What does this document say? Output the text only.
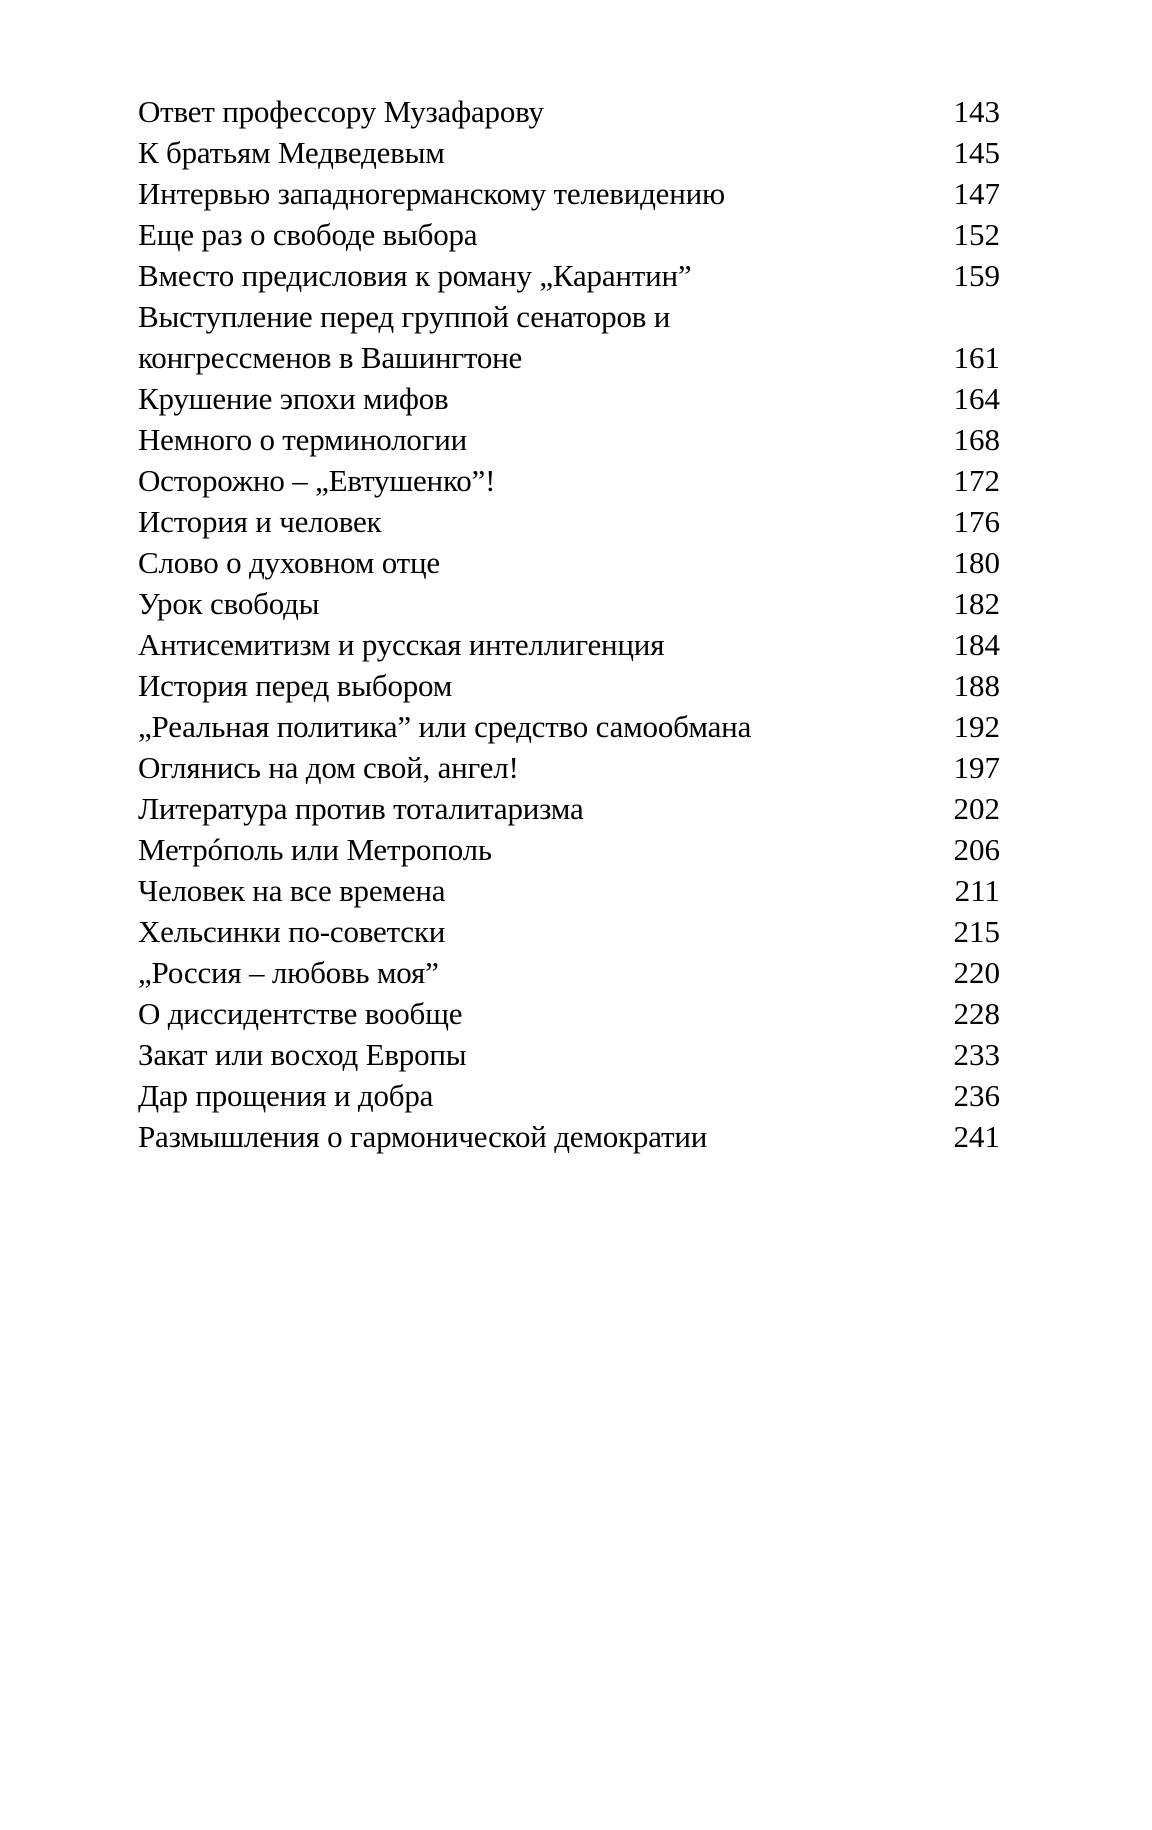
Ответ профессору Музафарову	143
К братьям Медведевым	145
Интервью западногерманскому телевидению	147
Еще раз о свободе выбора	152
Вместо предисловия к роману „Карантин”	159
Выступление перед группой сенаторов и
конгрессменов в Вашингтоне	161
Крушение эпохи мифов	164
Немного о терминологии	168
Осторожно – „Евтушенко”!	172
История и человек	176
Слово о духовном отце	180
Урок свободы	182
Антисемитизм и русская интеллигенция	184
История перед выбором	188
„Реальная политика” или средство самообмана	192
Оглянись на дом свой, ангел!	197
Литература против тоталитаризма	202
Метрóполь или Метрополь	206
Человек на все времена	211
Хельсинки по-советски	215
„Россия – любовь моя”	220
О диссидентстве вообще	228
Закат или восход Европы	233
Дар прощения и добра	236
Размышления о гармонической демократии	241
